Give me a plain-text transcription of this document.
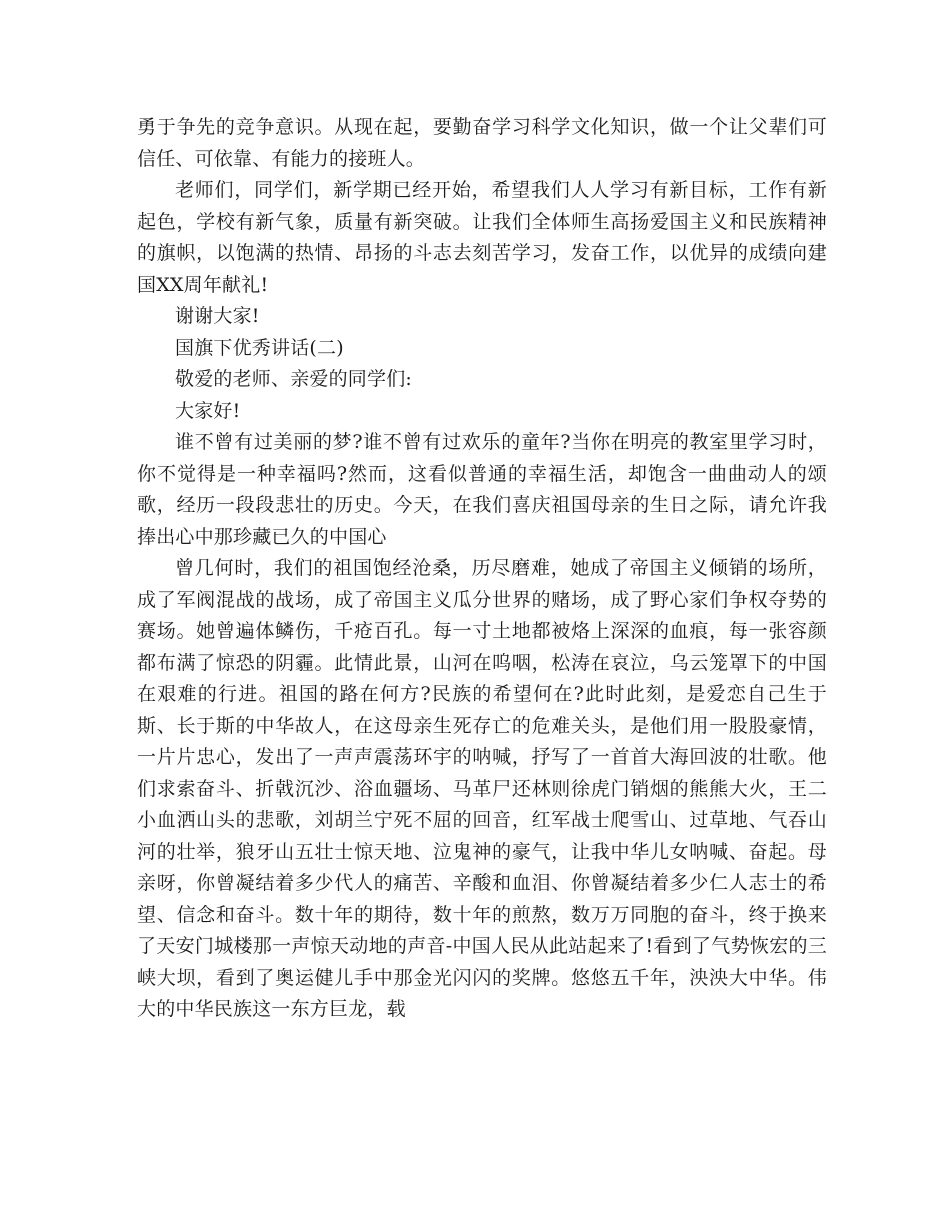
勇于争先的竞争意识。从现在起，要勤奋学习科学文化知识，做一个让父辈们可信任、可依靠、有能力的接班人。

老师们，同学们，新学期已经开始，希望我们人人学习有新目标，工作有新起色，学校有新气象，质量有新突破。让我们全体师生高扬爱国主义和民族精神的旗帜，以饱满的热情、昂扬的斗志去刻苦学习，发奋工作，以优异的成绩向建国XX周年献礼!

谢谢大家!

国旗下优秀讲话(二)

敬爱的老师、亲爱的同学们:

大家好!

谁不曾有过美丽的梦?谁不曾有过欢乐的童年?当你在明亮的教室里学习时，你不觉得是一种幸福吗?然而，这看似普通的幸福生活，却饱含一曲曲动人的颂歌，经历一段段悲壮的历史。今天，在我们喜庆祖国母亲的生日之际，请允许我捧出心中那珍藏已久的中国心

曾几何时，我们的祖国饱经沧桑，历尽磨难，她成了帝国主义倾销的场所，成了军阀混战的战场，成了帝国主义瓜分世界的赌场，成了野心家们争权夺势的赛场。她曾遍体鳞伤，千疮百孔。每一寸土地都被烙上深深的血痕，每一张容颜都布满了惊恐的阴霾。此情此景，山河在呜咽，松涛在哀泣，乌云笼罩下的中国在艰难的行进。祖国的路在何方?民族的希望何在?此时此刻，是爱恋自己生于斯、长于斯的中华故人，在这母亲生死存亡的危难关头，是他们用一股股豪情，一片片忠心，发出了一声声震荡环宇的呐喊，抒写了一首首大海回波的壮歌。他们求索奋斗、折戟沉沙、浴血疆场、马革尸还林则徐虎门销烟的熊熊大火，王二小血洒山头的悲歌，刘胡兰宁死不屈的回音，红军战士爬雪山、过草地、气吞山河的壮举，狼牙山五壮士惊天地、泣鬼神的豪气，让我中华儿女呐喊、奋起。母亲呀，你曾凝结着多少代人的痛苦、辛酸和血泪、你曾凝结着多少仁人志士的希望、信念和奋斗。数十年的期待，数十年的煎熬，数万万同胞的奋斗，终于换来了天安门城楼那一声惊天动地的声音-中国人民从此站起来了!看到了气势恢宏的三峡大坝，看到了奥运健儿手中那金光闪闪的奖牌。悠悠五千年，泱泱大中华。伟大的中华民族这一东方巨龙，载
